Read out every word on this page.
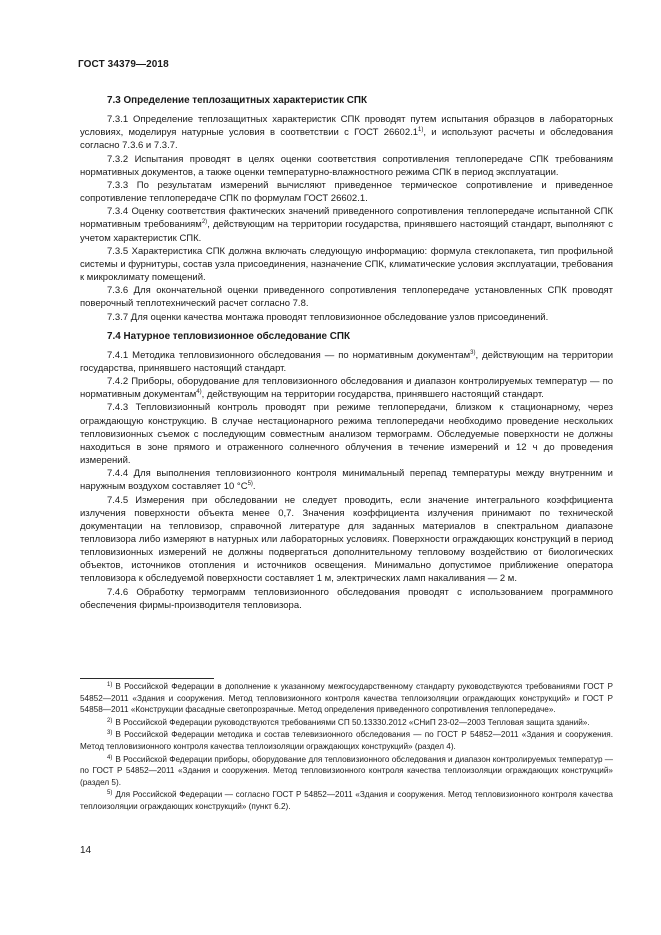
ГОСТ 34379—2018
7.3 Определение теплозащитных характеристик СПК

7.3.1 Определение теплозащитных характеристик СПК проводят путем испытания образцов в лабораторных условиях, моделируя натурные условия в соответствии с ГОСТ 26602.1$^{1)}$, и используют расчеты и обследования согласно 7.3.6 и 7.3.7.

7.3.2 Испытания проводят в целях оценки соответствия сопротивления теплопередаче СПК требованиям нормативных документов, а также оценки температурно-влажностного режима СПК в период эксплуатации.

7.3.3 По результатам измерений вычисляют приведенное термическое сопротивление и приведенное сопротивление теплопередаче СПК по формулам ГОСТ 26602.1.

7.3.4 Оценку соответствия фактических значений приведенного сопротивления теплопередаче испытанной СПК нормативным требованиям$^{2)}$, действующим на территории государства, принявшего настоящий стандарт, выполняют с учетом характеристик СПК.

7.3.5 Характеристика СПК должна включать следующую информацию: формула стеклопакета, тип профильной системы и фурнитуры, состав узла присоединения, назначение СПК, климатические условия эксплуатации, требования к микроклимату помещений.

7.3.6 Для окончательной оценки приведенного сопротивления теплопередаче установленных СПК проводят поверочный теплотехнический расчет согласно 7.8.

7.3.7 Для оценки качества монтажа проводят тепловизионное обследование узлов присоединений.

7.4 Натурное тепловизионное обследование СПК

7.4.1 Методика тепловизионного обследования — по нормативным документам$^{3)}$, действующим на территории государства, принявшего настоящий стандарт.

7.4.2 Приборы, оборудование для тепловизионного обследования и диапазон контролируемых температур — по нормативным документам$^{4)}$, действующим на территории государства, принявшего настоящий стандарт.

7.4.3 Тепловизионный контроль проводят при режиме теплопередачи, близком к стационарному, через ограждающую конструкцию. В случае нестационарного режима теплопередачи необходимо проведение нескольких тепловизионных съемок с последующим совместным анализом термограмм. Обследуемые поверхности не должны находиться в зоне прямого и отраженного солнечного облучения в течение измерений и 12 ч до проведения измерений.

7.4.4 Для выполнения тепловизионного контроля минимальный перепад температуры между внутренним и наружным воздухом составляет 10 $^\circ С^{5)}$.

7.4.5 Измерения при обследовании не следует проводить, если значение интегрального коэффициента излучения поверхности объекта менее 0,7. Значения коэффициента излучения принимают по технической документации на тепловизор, справочной литературе для заданных материалов в спектральном диапазоне тепловизора либо измеряют в натурных или лабораторных условиях. Поверхности ограждающих конструкций в период тепловизионных измерений не должны подвергаться дополнительному тепловому воздействию от биологических объектов, источников отопления и источников освещения. Минимально допустимое приближение оператора тепловизора к обследуемой поверхности составляет 1 м, электрических ламп накаливания — 2 м.

7.4.6 Обработку термограмм тепловизионного обследования проводят с использованием программного обеспечения фирмы-производителя тепловизора.

$^{1)}$ В Российской Федерации в дополнение к указанному межгосударственному стандарту руководствуются требованиями ГОСТ Р 54852—2011 «Здания и сооружения. Метод тепловизионного контроля качества теплоизоляции ограждающих конструкций» и ГОСТ Р 54858—2011 «Конструкции фасадные светопрозрачные. Метод определения приведенного сопротивления теплопередаче».

$^{2)}$ В Российской Федерации руководствуются требованиями СП 50.13330.2012 «СНиП 23-02—2003 Тепловая защита зданий».

$^{3)}$ В Российской Федерации методика и состав телевизионного обследования — по ГОСТ Р 54852—2011 «Здания и сооружения. Метод тепловизионного контроля качества теплоизоляции ограждающих конструкций» (раздел 4).

$^{4)}$ В Российской Федерации приборы, оборудование для тепловизионного обследования и диапазон контролируемых температур — по ГОСТ Р 54852—2011 «Здания и сооружения. Метод тепловизионного контроля качества теплоизоляции ограждающих конструкций» (раздел 5).

$^{5)}$ Для Российской Федерации — согласно ГОСТ Р 54852—2011 «Здания и сооружения. Метод тепловизионного контроля качества теплоизоляции ограждающих конструкций» (пункт 6.2).

14
